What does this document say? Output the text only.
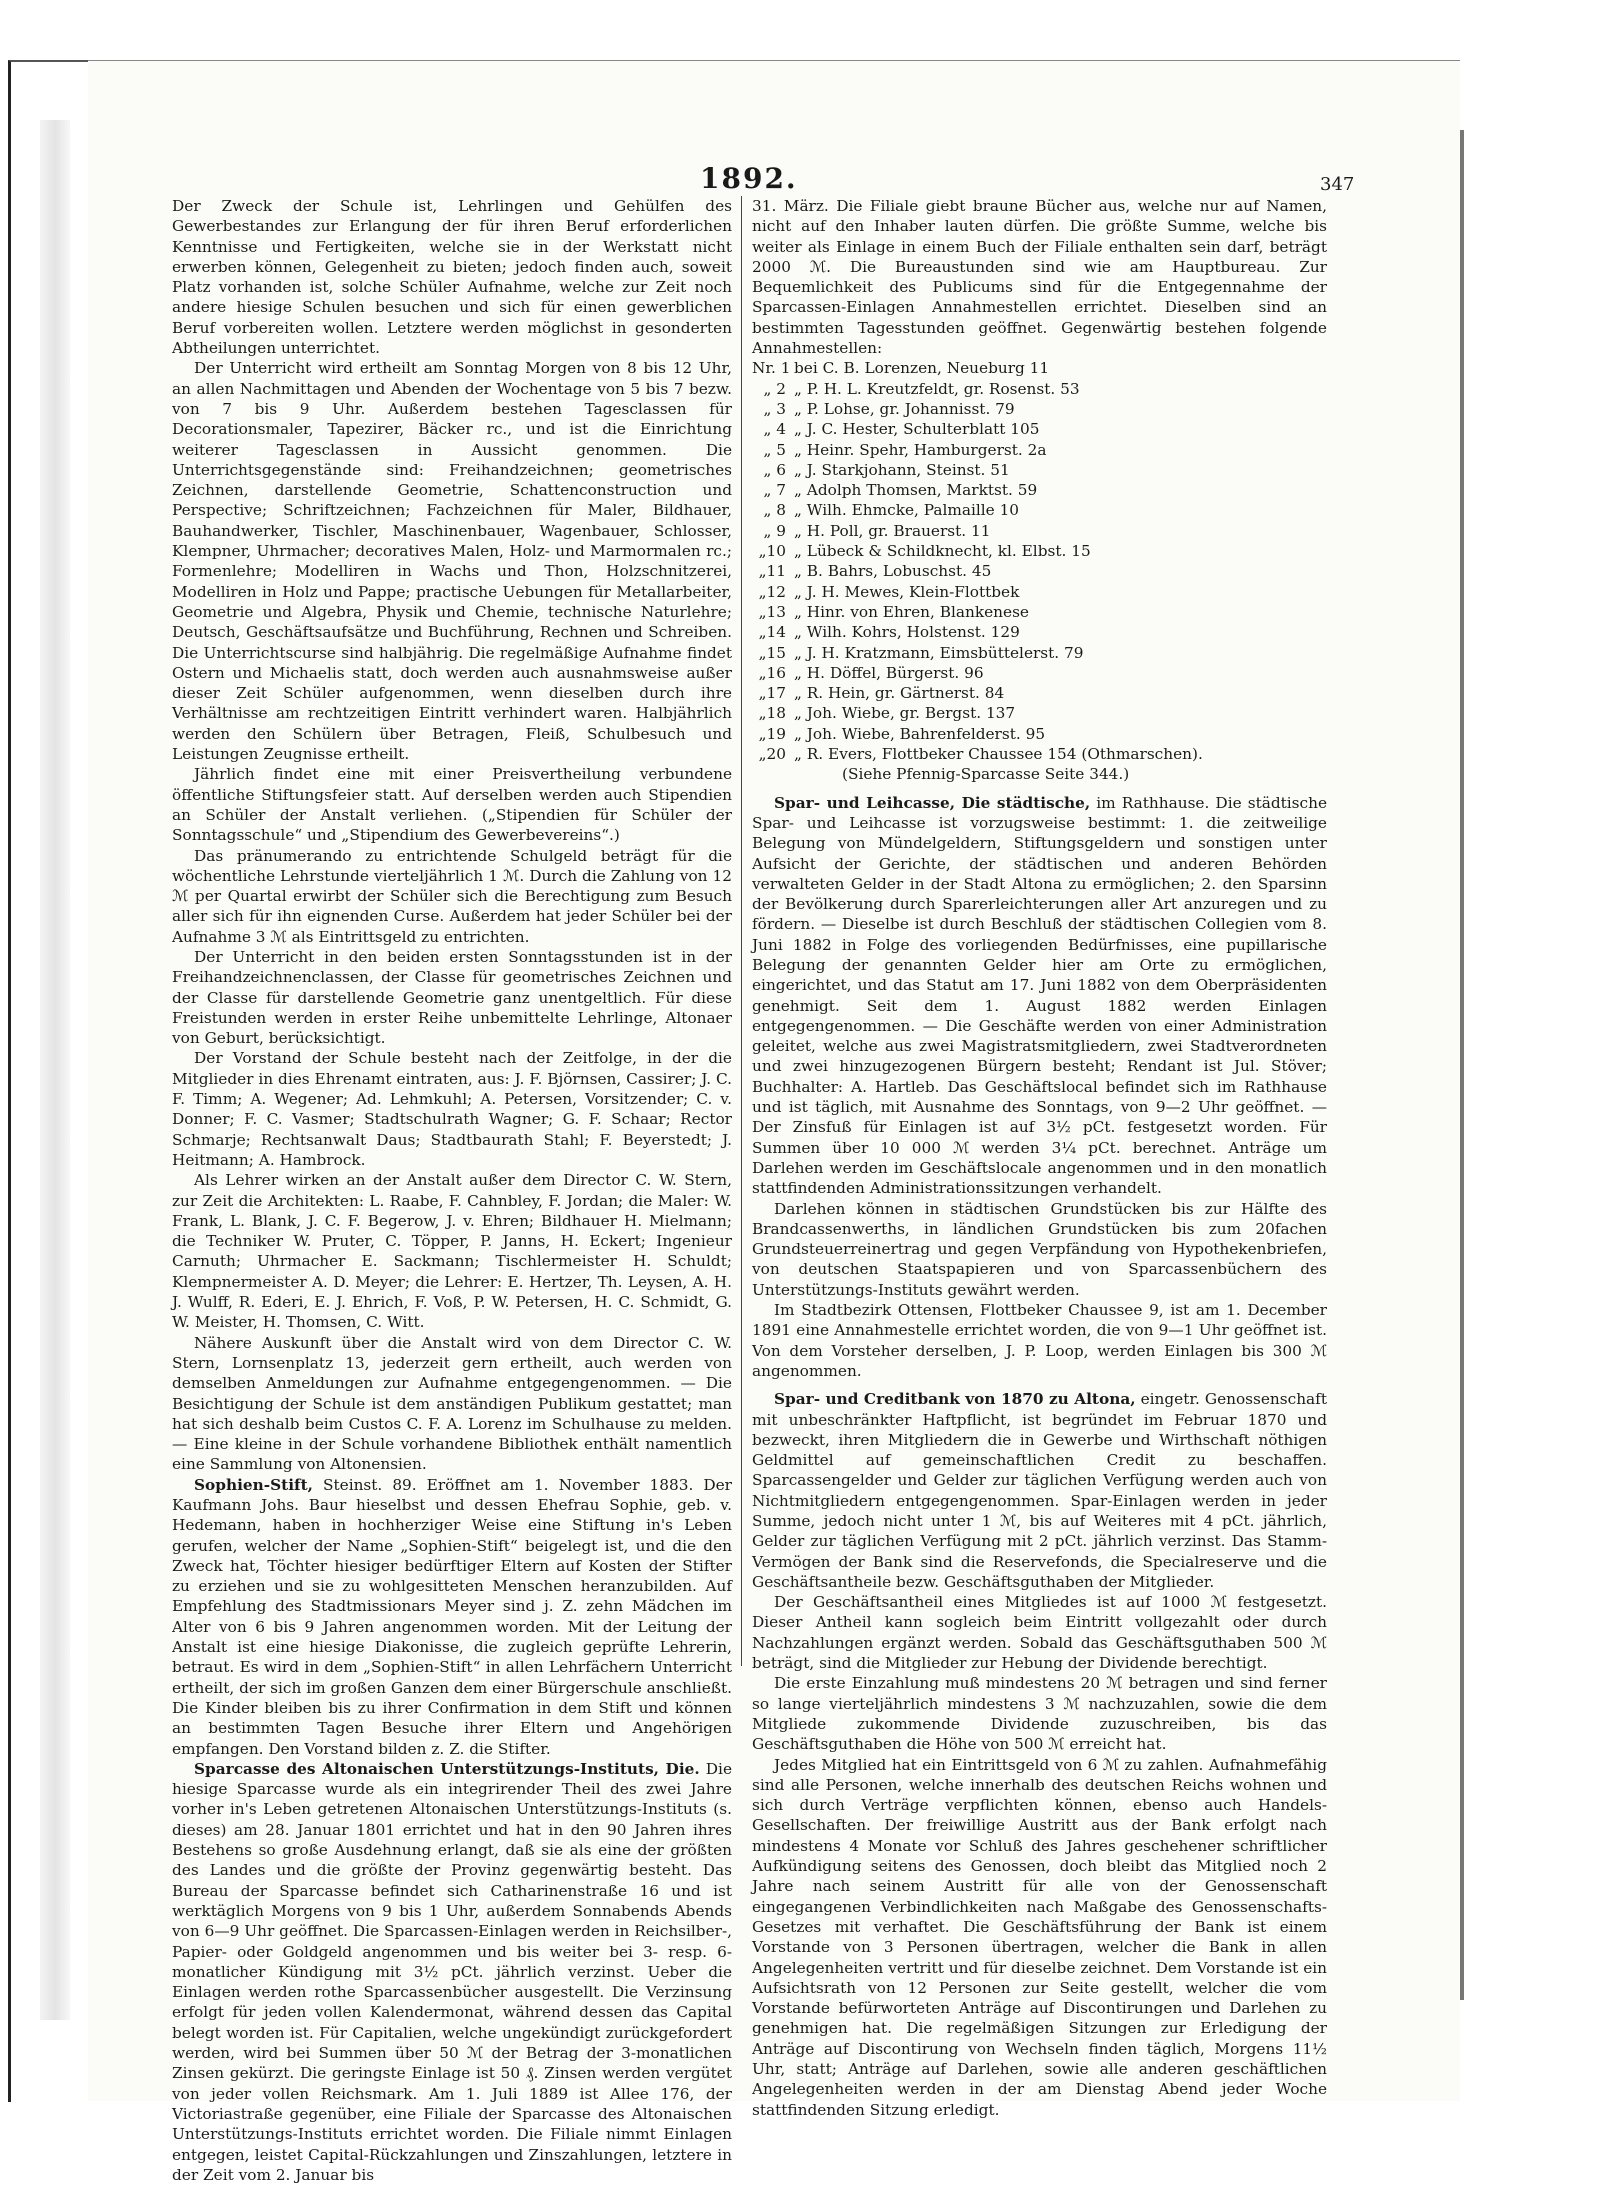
1892.	347

Der Zweck der Schule ist, Lehrlingen und Gehülfen des Gewerbestandes zur Erlangung der für ihren Beruf erforderlichen Kenntnisse und Fertigkeiten, welche sie in der Werkstatt nicht erwerben können, Gelegenheit zu bieten; jedoch finden auch, soweit Platz vorhanden ist, solche Schüler Aufnahme, welche zur Zeit noch andere hiesige Schulen besuchen und sich für einen gewerblichen Beruf vorbereiten wollen. Letztere werden möglichst in gesonderten Abtheilungen unterrichtet.

Der Unterricht wird ertheilt am Sonntag Morgen von 8 bis 12 Uhr, an allen Nachmittagen und Abenden der Wochentage von 5 bis 7 bezw. von 7 bis 9 Uhr. Außerdem bestehen Tagesclassen für Decorationsmaler, Tapezirer, Bäcker rc., und ist die Einrichtung weiterer Tagesclassen in Aussicht genommen. Die Unterrichtsgegenstände sind: Freihandzeichnen; geometrisches Zeichnen, darstellende Geometrie, Schattenconstruction und Perspective; Schriftzeichnen; Fachzeichnen für Maler, Bildhauer, Bauhandwerker, Tischler, Maschinenbauer, Wagenbauer, Schlosser, Klempner, Uhrmacher; decoratives Malen, Holz- und Marmormalen rc.; Formenlehre; Modelliren in Wachs und Thon, Holzschnitzerei, Modelliren in Holz und Pappe; practische Uebungen für Metallarbeiter, Geometrie und Algebra, Physik und Chemie, technische Naturlehre; Deutsch, Geschäftsaufsätze und Buchführung, Rechnen und Schreiben. Die Unterrichtscurse sind halbjährig. Die regelmäßige Aufnahme findet Ostern und Michaelis statt, doch werden auch ausnahmsweise außer dieser Zeit Schüler aufgenommen, wenn dieselben durch ihre Verhältnisse am rechtzeitigen Eintritt verhindert waren. Halbjährlich werden den Schülern über Betragen, Fleiß, Schulbesuch und Leistungen Zeugnisse ertheilt.

Jährlich findet eine mit einer Preisvertheilung verbundene öffentliche Stiftungsfeier statt. Auf derselben werden auch Stipendien an Schüler der Anstalt verliehen. („Stipendien für Schüler der Sonntagsschule“ und „Stipendium des Gewerbevereins“.)

Das pränumerando zu entrichtende Schulgeld beträgt für die wöchentliche Lehrstunde vierteljährlich 1 ℳ. Durch die Zahlung von 12 ℳ per Quartal erwirbt der Schüler sich die Berechtigung zum Besuch aller sich für ihn eignenden Curse. Außerdem hat jeder Schüler bei der Aufnahme 3 ℳ als Eintrittsgeld zu entrichten.

Der Unterricht in den beiden ersten Sonntagsstunden ist in der Freihandzeichnenclassen, der Classe für geometrisches Zeichnen und der Classe für darstellende Geometrie ganz unentgeltlich. Für diese Freistunden werden in erster Reihe unbemittelte Lehrlinge, Altonaer von Geburt, berücksichtigt.

Der Vorstand der Schule besteht nach der Zeitfolge, in der die Mitglieder in dies Ehrenamt eintraten, aus: J. F. Björnsen, Cassirer; J. C. F. Timm; A. Wegener; Ad. Lehmkuhl; A. Petersen, Vorsitzender; C. v. Donner; F. C. Vasmer; Stadtschulrath Wagner; G. F. Schaar; Rector Schmarje; Rechtsanwalt Daus; Stadtbaurath Stahl; F. Beyerstedt; J. Heitmann; A. Hambrock.

Als Lehrer wirken an der Anstalt außer dem Director C. W. Stern, zur Zeit die Architekten: L. Raabe, F. Cahnbley, F. Jordan; die Maler: W. Frank, L. Blank, J. C. F. Begerow, J. v. Ehren; Bildhauer H. Mielmann; die Techniker W. Pruter, C. Töpper, P. Janns, H. Eckert; Ingenieur Carnuth; Uhrmacher E. Sackmann; Tischlermeister H. Schuldt; Klempnermeister A. D. Meyer; die Lehrer: E. Hertzer, Th. Leysen, A. H. J. Wulff, R. Ederi, E. J. Ehrich, F. Voß, P. W. Petersen, H. C. Schmidt, G. W. Meister, H. Thomsen, C. Witt.

Nähere Auskunft über die Anstalt wird von dem Director C. W. Stern, Lornsenplatz 13, jederzeit gern ertheilt, auch werden von demselben Anmeldungen zur Aufnahme entgegengenommen. — Die Besichtigung der Schule ist dem anständigen Publikum gestattet; man hat sich deshalb beim Custos C. F. A. Lorenz im Schulhause zu melden. — Eine kleine in der Schule vorhandene Bibliothek enthält namentlich eine Sammlung von Altonensien.

Sophien-Stift, Steinst. 89. Eröffnet am 1. November 1883. Der Kaufmann Johs. Baur hieselbst und dessen Ehefrau Sophie, geb. v. Hedemann, haben in hochherziger Weise eine Stiftung in's Leben gerufen, welcher der Name „Sophien-Stift“ beigelegt ist, und die den Zweck hat, Töchter hiesiger bedürftiger Eltern auf Kosten der Stifter zu erziehen und sie zu wohlgesitteten Menschen heranzubilden. Auf Empfehlung des Stadtmissionars Meyer sind j. Z. zehn Mädchen im Alter von 6 bis 9 Jahren angenommen worden. Mit der Leitung der Anstalt ist eine hiesige Diakonisse, die zugleich geprüfte Lehrerin, betraut. Es wird in dem „Sophien-Stift“ in allen Lehrfächern Unterricht ertheilt, der sich im großen Ganzen dem einer Bürgerschule anschließt. Die Kinder bleiben bis zu ihrer Confirmation in dem Stift und können an bestimmten Tagen Besuche ihrer Eltern und Angehörigen empfangen. Den Vorstand bilden z. Z. die Stifter.

Sparcasse des Altonaischen Unterstützungs-Instituts, Die. Die hiesige Sparcasse wurde als ein integrirender Theil des zwei Jahre vorher in's Leben getretenen Altonaischen Unterstützungs-Instituts (s. dieses) am 28. Januar 1801 errichtet und hat in den 90 Jahren ihres Bestehens so große Ausdehnung erlangt, daß sie als eine der größten des Landes und die größte der Provinz gegenwärtig besteht. Das Bureau der Sparcasse befindet sich Catharinenstraße 16 und ist werktäglich Morgens von 9 bis 1 Uhr, außerdem Sonnabends Abends von 6—9 Uhr geöffnet. Die Sparcassen-Einlagen werden in Reichsilber-, Papier- oder Goldgeld angenommen und bis weiter bei 3- resp. 6-monatlicher Kündigung mit 3½ pCt. jährlich verzinst. Ueber die Einlagen werden rothe Sparcassenbücher ausgestellt. Die Verzinsung erfolgt für jeden vollen Kalendermonat, während dessen das Capital belegt worden ist. Für Capitalien, welche ungekündigt zurückgefordert werden, wird bei Summen über 50 ℳ der Betrag der 3-monatlichen Zinsen gekürzt. Die geringste Einlage ist 50 ₰. Zinsen werden vergütet von jeder vollen Reichsmark. Am 1. Juli 1889 ist Allee 176, der Victoriastraße gegenüber, eine Filiale der Sparcasse des Altonaischen Unterstützungs-Instituts errichtet worden. Die Filiale nimmt Einlagen entgegen, leistet Capital-Rückzahlungen und Zinszahlungen, letztere in der Zeit vom 2. Januar bis

31. März. Die Filiale giebt braune Bücher aus, welche nur auf Namen, nicht auf den Inhaber lauten dürfen. Die größte Summe, welche bis weiter als Einlage in einem Buch der Filiale enthalten sein darf, beträgt 2000 ℳ. Die Bureaustunden sind wie am Hauptbureau. Zur Bequemlichkeit des Publicums sind für die Entgegennahme der Sparcassen-Einlagen Annahmestellen errichtet. Dieselben sind an bestimmten Tagesstunden geöffnet. Gegenwärtig bestehen folgende Annahmestellen:

Nr. 1 bei C. B. Lorenzen, Neueburg 11
„ 2 „ P. H. L. Kreutzfeldt, gr. Rosenst. 53
„ 3 „ P. Lohse, gr. Johannisst. 79
„ 4 „ J. C. Hester, Schulterblatt 105
„ 5 „ Heinr. Spehr, Hamburgerst. 2a
„ 6 „ J. Starkjohann, Steinst. 51
„ 7 „ Adolph Thomsen, Marktst. 59
„ 8 „ Wilh. Ehmcke, Palmaille 10
„ 9 „ H. Poll, gr. Brauerst. 11
„10 „ Lübeck & Schildknecht, kl. Elbst. 15
„11 „ B. Bahrs, Lobuschst. 45
„12 „ J. H. Mewes, Klein-Flottbek
„13 „ Hinr. von Ehren, Blankenese
„14 „ Wilh. Kohrs, Holstenst. 129
„15 „ J. H. Kratzmann, Eimsbüttelerst. 79
„16 „ H. Döffel, Bürgerst. 96
„17 „ R. Hein, gr. Gärtnerst. 84
„18 „ Joh. Wiebe, gr. Bergst. 137
„19 „ Joh. Wiebe, Bahrenfelderst. 95
„20 „ R. Evers, Flottbeker Chaussee 154 (Othmarschen).

(Siehe Pfennig-Sparcasse Seite 344.)

Spar- und Leihcasse, Die städtische, im Rathhause. Die städtische Spar- und Leihcasse ist vorzugsweise bestimmt: 1. die zeitweilige Belegung von Mündelgeldern, Stiftungsgeldern und sonstigen unter Aufsicht der Gerichte, der städtischen und anderen Behörden verwalteten Gelder in der Stadt Altona zu ermöglichen; 2. den Sparsinn der Bevölkerung durch Sparerleichterungen aller Art anzuregen und zu fördern. — Dieselbe ist durch Beschluß der städtischen Collegien vom 8. Juni 1882 in Folge des vorliegenden Bedürfnisses, eine pupillarische Belegung der genannten Gelder hier am Orte zu ermöglichen, eingerichtet, und das Statut am 17. Juni 1882 von dem Oberpräsidenten genehmigt. Seit dem 1. August 1882 werden Einlagen entgegengenommen. — Die Geschäfte werden von einer Administration geleitet, welche aus zwei Magistratsmitgliedern, zwei Stadtverordneten und zwei hinzugezogenen Bürgern besteht; Rendant ist Jul. Stöver; Buchhalter: A. Hartleb. Das Geschäftslocal befindet sich im Rathhause und ist täglich, mit Ausnahme des Sonntags, von 9—2 Uhr geöffnet. — Der Zinsfuß für Einlagen ist auf 3½ pCt. festgesetzt worden. Für Summen über 10 000 ℳ werden 3¼ pCt. berechnet. Anträge um Darlehen werden im Geschäftslocale angenommen und in den monatlich stattfindenden Administrationssitzungen verhandelt.

Darlehen können in städtischen Grundstücken bis zur Hälfte des Brandcassenwerths, in ländlichen Grundstücken bis zum 20fachen Grundsteuerreinertrag und gegen Verpfändung von Hypothekenbriefen, von deutschen Staatspapieren und von Sparcassenbüchern des Unterstützungs-Instituts gewährt werden.

Im Stadtbezirk Ottensen, Flottbeker Chaussee 9, ist am 1. December 1891 eine Annahmestelle errichtet worden, die von 9—1 Uhr geöffnet ist. Von dem Vorsteher derselben, J. P. Loop, werden Einlagen bis 300 ℳ angenommen.

Spar- und Creditbank von 1870 zu Altona, eingetr. Genossenschaft mit unbeschränkter Haftpflicht, ist begründet im Februar 1870 und bezweckt, ihren Mitgliedern die in Gewerbe und Wirthschaft nöthigen Geldmittel auf gemeinschaftlichen Credit zu beschaffen. Sparcassengelder und Gelder zur täglichen Verfügung werden auch von Nichtmitgliedern entgegengenommen. Spar-Einlagen werden in jeder Summe, jedoch nicht unter 1 ℳ, bis auf Weiteres mit 4 pCt. jährlich, Gelder zur täglichen Verfügung mit 2 pCt. jährlich verzinst. Das Stamm-Vermögen der Bank sind die Reservefonds, die Specialreserve und die Geschäftsantheile bezw. Geschäftsguthaben der Mitglieder.

Der Geschäftsantheil eines Mitgliedes ist auf 1000 ℳ festgesetzt. Dieser Antheil kann sogleich beim Eintritt vollgezahlt oder durch Nachzahlungen ergänzt werden. Sobald das Geschäftsguthaben 500 ℳ beträgt, sind die Mitglieder zur Hebung der Dividende berechtigt.

Die erste Einzahlung muß mindestens 20 ℳ betragen und sind ferner so lange vierteljährlich mindestens 3 ℳ nachzuzahlen, sowie die dem Mitgliede zukommende Dividende zuzuschreiben, bis das Geschäftsguthaben die Höhe von 500 ℳ erreicht hat.

Jedes Mitglied hat ein Eintrittsgeld von 6 ℳ zu zahlen. Aufnahmefähig sind alle Personen, welche innerhalb des deutschen Reichs wohnen und sich durch Verträge verpflichten können, ebenso auch Handels-Gesellschaften. Der freiwillige Austritt aus der Bank erfolgt nach mindestens 4 Monate vor Schluß des Jahres geschehener schriftlicher Aufkündigung seitens des Genossen, doch bleibt das Mitglied noch 2 Jahre nach seinem Austritt für alle von der Genossenschaft eingegangenen Verbindlichkeiten nach Maßgabe des Genossenschafts-Gesetzes mit verhaftet. Die Geschäftsführung der Bank ist einem Vorstande von 3 Personen übertragen, welcher die Bank in allen Angelegenheiten vertritt und für dieselbe zeichnet. Dem Vorstande ist ein Aufsichtsrath von 12 Personen zur Seite gestellt, welcher die vom Vorstande befürworteten Anträge auf Discontirungen und Darlehen zu genehmigen hat. Die regelmäßigen Sitzungen zur Erledigung der Anträge auf Discontirung von Wechseln finden täglich, Morgens 11½ Uhr, statt; Anträge auf Darlehen, sowie alle anderen geschäftlichen Angelegenheiten werden in der am Dienstag Abend jeder Woche stattfindenden Sitzung erledigt.
